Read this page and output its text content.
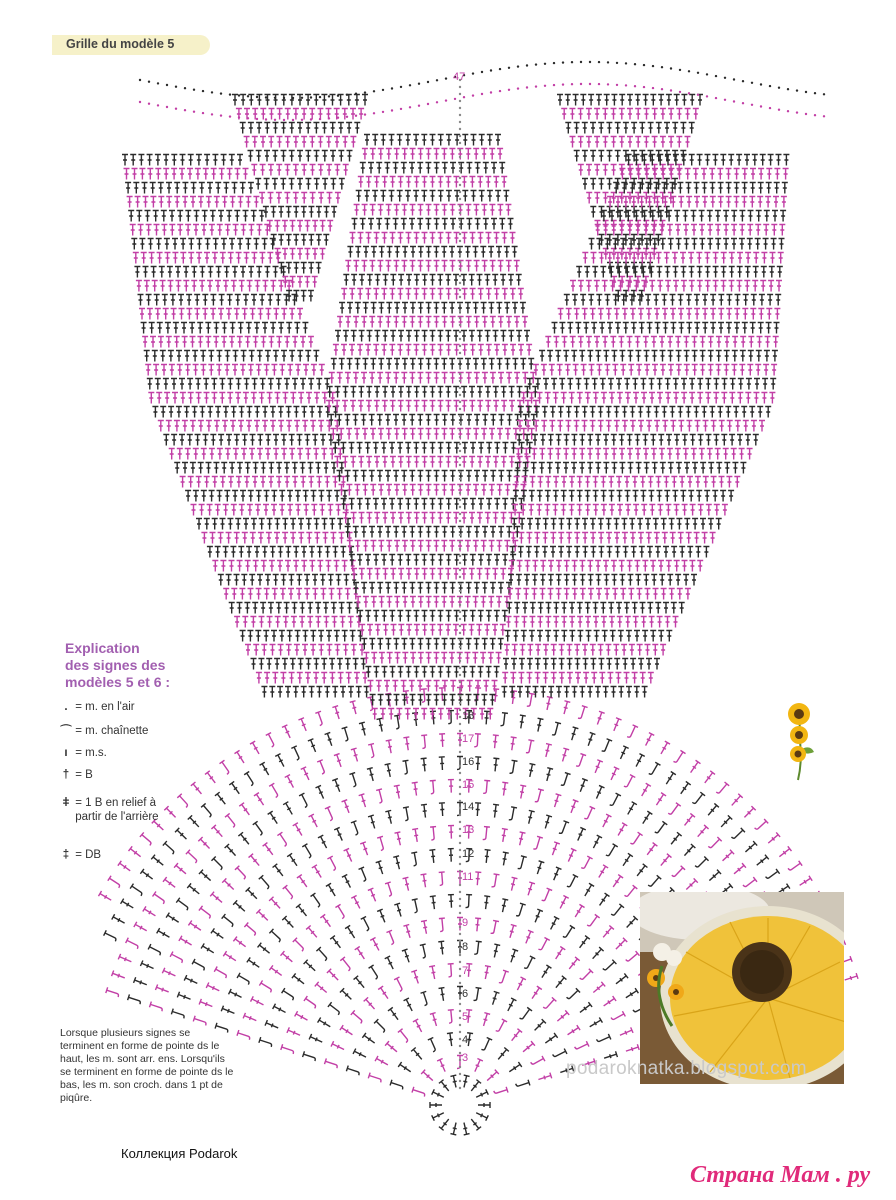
47
18
17
16
15
14
13
12
11
9
8
7
6
5
4
3
Grille du modèle 5
Explication
des signes des
modèles 5 et 6 :
. = m. en l'air
⌒ = m. chaînette
ı = m.s.
† = B
ǂ = 1 B en relief à partir de l'arrière
‡ = DB
Lorsque plusieurs signes se
terminent en forme de pointe ds le
haut, les m. sont arr. ens. Lorsqu'ils
se terminent en forme de pointe ds le
bas, les m. son croch. dans 1 pt de
piqûre.
podaroknatka.blogspot.com
Коллекция Podarok
Страна Мам . ру
